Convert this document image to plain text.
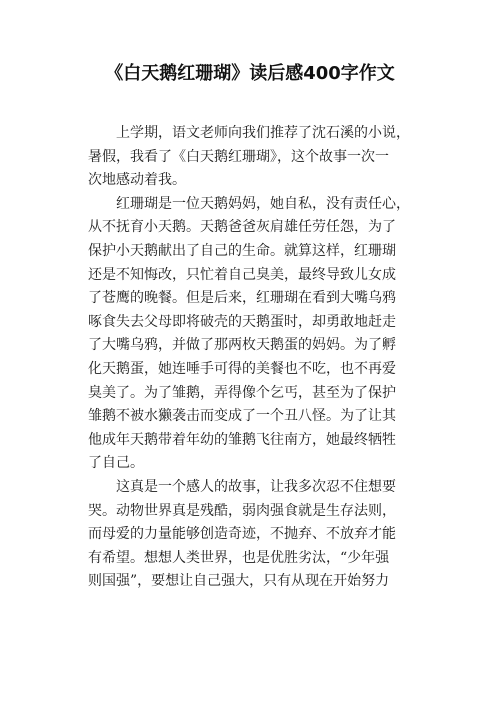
《白天鹅红珊瑚》读后感400字作文

上学期，语文老师向我们推荐了沈石溪的小说，
暑假，我看了《白天鹅红珊瑚》，这个故事一次一
次地感动着我。

红珊瑚是一位天鹅妈妈，她自私，没有责任心，
从不抚育小天鹅。天鹅爸爸灰肩雄任劳任怨，为了
保护小天鹅献出了自己的生命。就算这样，红珊瑚
还是不知悔改，只忙着自己臭美，最终导致儿女成
了苍鹰的晚餐。但是后来，红珊瑚在看到大嘴乌鸦
啄食失去父母即将破壳的天鹅蛋时，却勇敢地赶走
了大嘴乌鸦，并做了那两枚天鹅蛋的妈妈。为了孵
化天鹅蛋，她连唾手可得的美餐也不吃，也不再爱
臭美了。为了雏鹅，弄得像个乞丐，甚至为了保护
雏鹅不被水獭袭击而变成了一个丑八怪。为了让其
他成年天鹅带着年幼的雏鹅飞往南方，她最终牺牲
了自己。

这真是一个感人的故事，让我多次忍不住想要
哭。动物世界真是残酷，弱肉强食就是生存法则，
而母爱的力量能够创造奇迹，不抛弃、不放弃才能
有希望。想想人类世界，也是优胜劣汰，“少年强
则国强”，要想让自己强大，只有从现在开始努力
